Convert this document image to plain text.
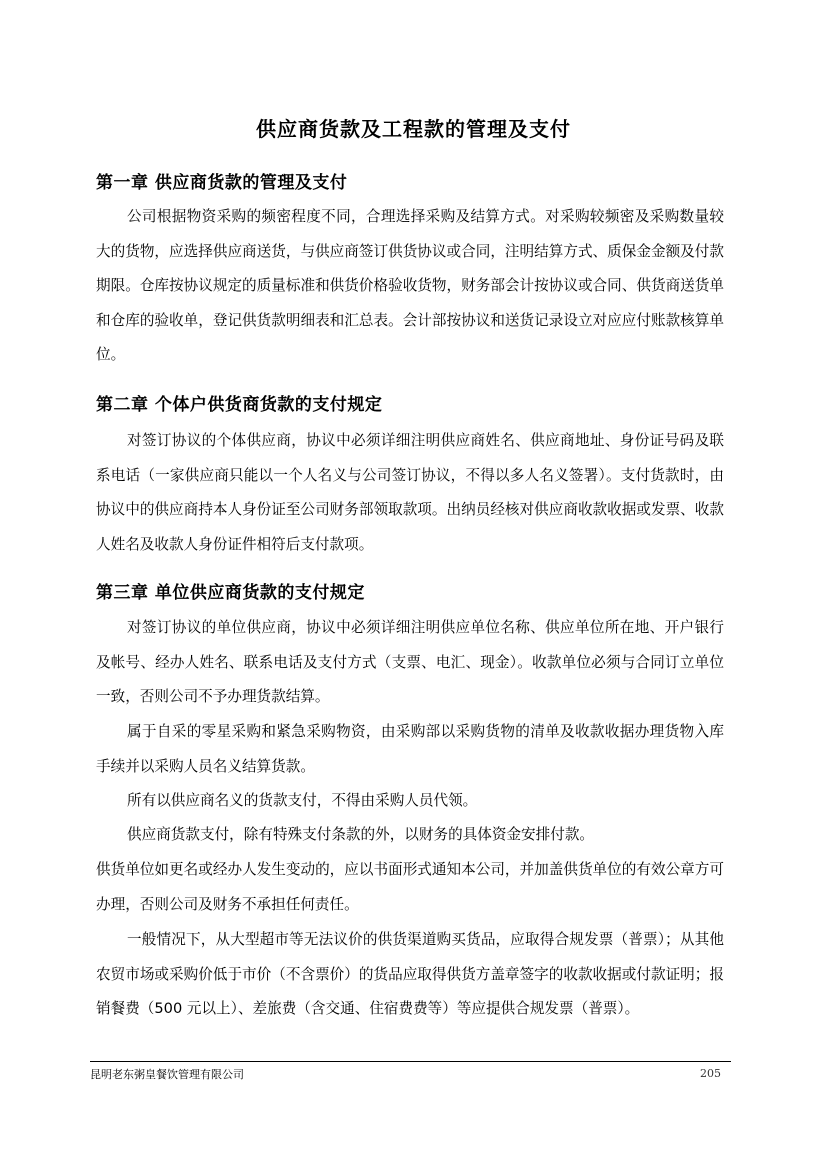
供应商货款及工程款的管理及支付
第一章 供应商货款的管理及支付
公司根据物资采购的频密程度不同，合理选择采购及结算方式。对采购较频密及采购数量较大的货物，应选择供应商送货，与供应商签订供货协议或合同，注明结算方式、质保金金额及付款期限。仓库按协议规定的质量标准和供货价格验收货物，财务部会计按协议或合同、供货商送货单和仓库的验收单，登记供货款明细表和汇总表。会计部按协议和送货记录设立对应应付账款核算单位。
第二章 个体户供货商货款的支付规定
对签订协议的个体供应商，协议中必须详细注明供应商姓名、供应商地址、身份证号码及联系电话（一家供应商只能以一个人名义与公司签订协议，不得以多人名义签署）。支付货款时，由协议中的供应商持本人身份证至公司财务部领取款项。出纳员经核对供应商收款收据或发票、收款人姓名及收款人身份证件相符后支付款项。
第三章 单位供应商货款的支付规定
对签订协议的单位供应商，协议中必须详细注明供应单位名称、供应单位所在地、开户银行及帐号、经办人姓名、联系电话及支付方式（支票、电汇、现金）。收款单位必须与合同订立单位一致，否则公司不予办理货款结算。
属于自采的零星采购和紧急采购物资，由采购部以采购货物的清单及收款收据办理货物入库手续并以采购人员名义结算货款。
所有以供应商名义的货款支付，不得由采购人员代领。
供应商货款支付，除有特殊支付条款的外，以财务的具体资金安排付款。
供货单位如更名或经办人发生变动的，应以书面形式通知本公司，并加盖供货单位的有效公章方可办理，否则公司及财务不承担任何责任。
一般情况下，从大型超市等无法议价的供货渠道购买货品，应取得合规发票（普票）；从其他农贸市场或采购价低于市价（不含票价）的货品应取得供货方盖章签字的收款收据或付款证明；报销餐费（500 元以上）、差旅费（含交通、住宿费费等）等应提供合规发票（普票）。
昆明老东粥皇餐饮管理有限公司	205
